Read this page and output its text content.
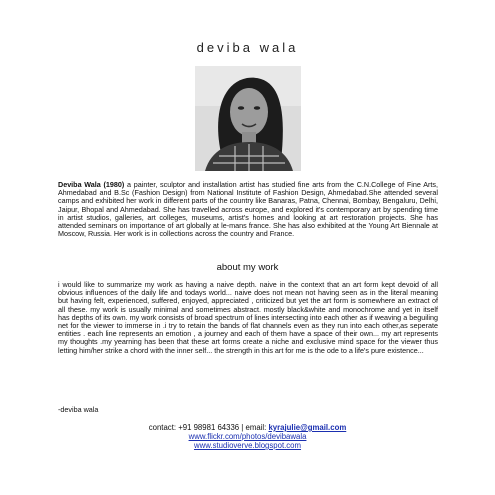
deviba wala
Deviba Wala (1980) a painter, sculptor and installation artist has studied fine arts from the C.N.College of Fine Arts, Ahmedabad and B.Sc (Fashion Design) from National Institute of Fashion Design, Ahmedabad.She attended several camps and exhibited her work in different parts of the country like Banaras, Patna, Chennai, Bombay, Bengaluru, Delhi, Jaipur, Bhopal and Ahmedabad. She has travelled across europe, and explored it's contemporary art by spending time in artist studios, galleries, art colleges, museums, artist's homes and looking at art restoration projects. She has attended seminars on importance of art globally at le-mans france. She has also exhibited at the Young Art Biennale at Moscow, Russia. Her work is in collections across the country and France.
about my work
i would like to summarize my work as having a naive depth. naive in the context that an art form kept devoid of all obvious influences of the daily life and todays world... naive does not mean not having seen as in the literal meaning but having felt, experienced, suffered, enjoyed, appreciated , criticized but yet the art form is somewhere an extract of all these. my work is usually minimal and sometimes abstract. mostly black&white and monochrome and yet in itself has depths of its own. my work consists of broad spectrum of lines intersecting into each other as if weaving a beguiling net for the viewer to immerse in .i try to retain the bands of flat channels even as they run into each other,as seperate entities . each line represents an emotion , a journey and each of them have a space of their own... my art represents my thoughts .my yearning has been that these art forms create a niche and exclusive mind space for the viewer thus letting him/her strike a chord with the inner self... the strength in this art for me is the ode to a life's pure existence...
-deviba wala
contact: +91 98981 64336 | email: kyrajulie@gmail.com
www.flickr.com/photos/devibawala
www.studioverve.blogspot.com
